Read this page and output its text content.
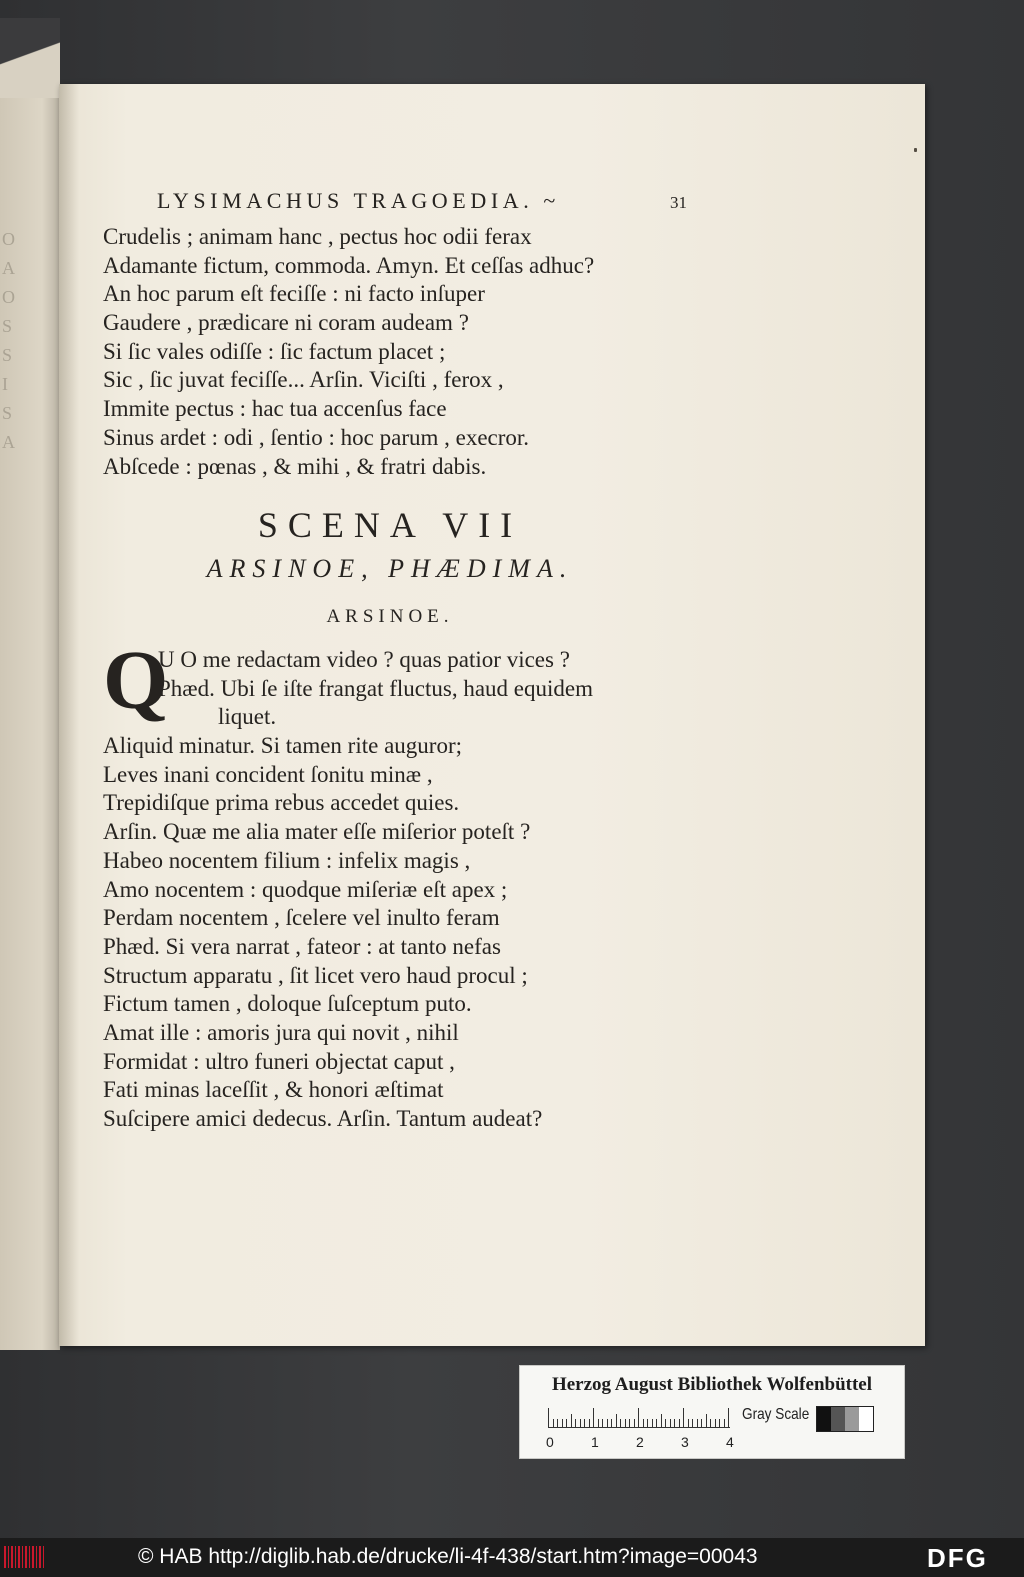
O
A
O
S
S
I
S
A
LYSIMACHUS TRAGOEDIA. ~	31
Crudelis ; animam hanc , pectus hoc odii ferax
Adamante fictum, commoda. Amyn. Et ceſſas adhuc?
An hoc parum eſt feciſſe : ni facto inſuper
Gaudere , prædicare ni coram audeam ?
Si ſic vales odiſſe : ſic factum placet ;
Sic , ſic juvat feciſſe... Arſin. Viciſti , ferox ,
Immite pectus : hac tua accenſus face
Sinus ardet : odi , ſentio : hoc parum , execror.
Abſcede : pœnas , & mihi , & fratri dabis.
SCENA VII
ARSINOE, PHÆDIMA.
ARSINOE.
Q
U O me redactam video ? quas patior vices ?
Phæd. Ubi ſe iſte frangat fluctus, haud equidem
liquet.
Aliquid minatur. Si tamen rite auguror;
Leves inani concident ſonitu minæ ,
Trepidiſque prima rebus accedet quies.
Arſin. Quæ me alia mater eſſe miſerior poteſt ?
Habeo nocentem filium : infelix magis ,
Amo nocentem : quodque miſeriæ eſt apex ;
Perdam nocentem , ſcelere vel inulto feram
Phæd. Si vera narrat , fateor : at tanto nefas
Structum apparatu , ſit licet vero haud procul ;
Fictum tamen , doloque ſuſceptum puto.
Amat ille : amoris jura qui novit , nihil
Formidat : ultro funeri objectat caput ,
Fati minas laceſſit , & honori æſtimat
Suſcipere amici dedecus. Arſin. Tantum audeat?
Herzog August Bibliothek Wolfenbüttel
0	1	2	3	4
Gray Scale
© HAB http://diglib.hab.de/drucke/li-4f-438/start.htm?image=00043	DFG
